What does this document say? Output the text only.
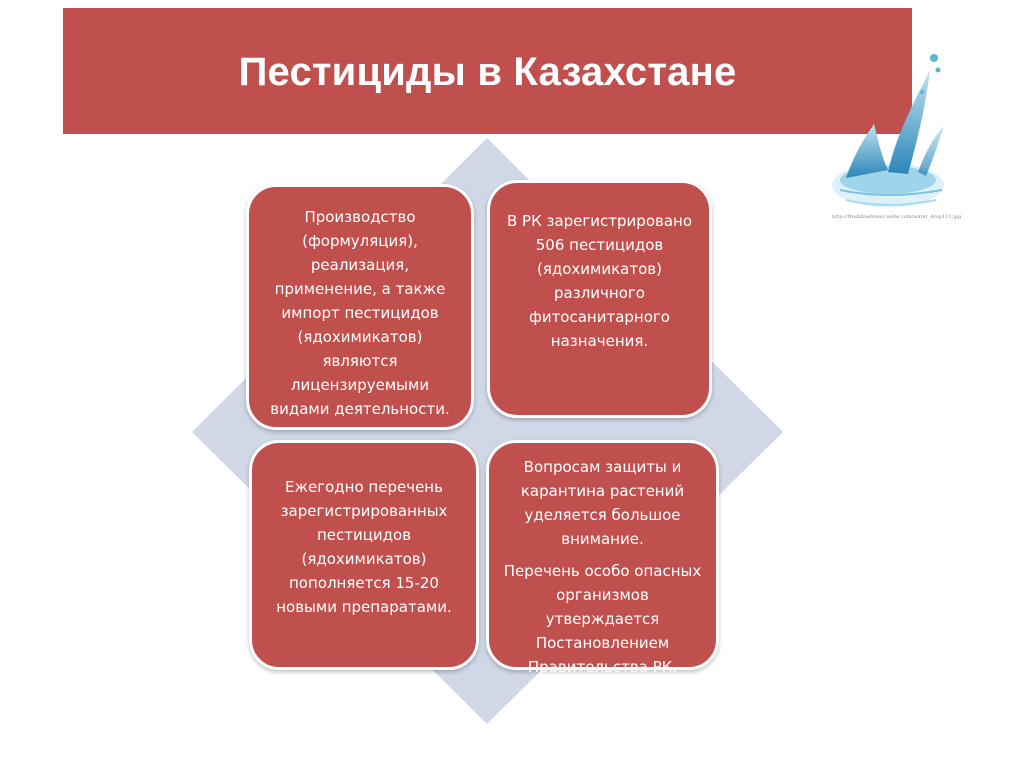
Пестициды в Казахстане
http://freshfreshness.webs.com/water_drop111.jpg

Производство (формуляция), реализация, применение, а также импорт пестицидов (ядохимикатов) являются лицензируемыми видами деятельности.

В РК зарегистрировано 506 пестицидов (ядохимикатов) различного фитосанитарного назначения.

Ежегодно перечень зарегистрированных пестицидов (ядохимикатов) пополняется 15-20 новыми препаратами.

Вопросам защиты и карантина растений уделяется большое внимание.

Перечень особо опасных организмов утверждается Постановлением Правительства РК.
